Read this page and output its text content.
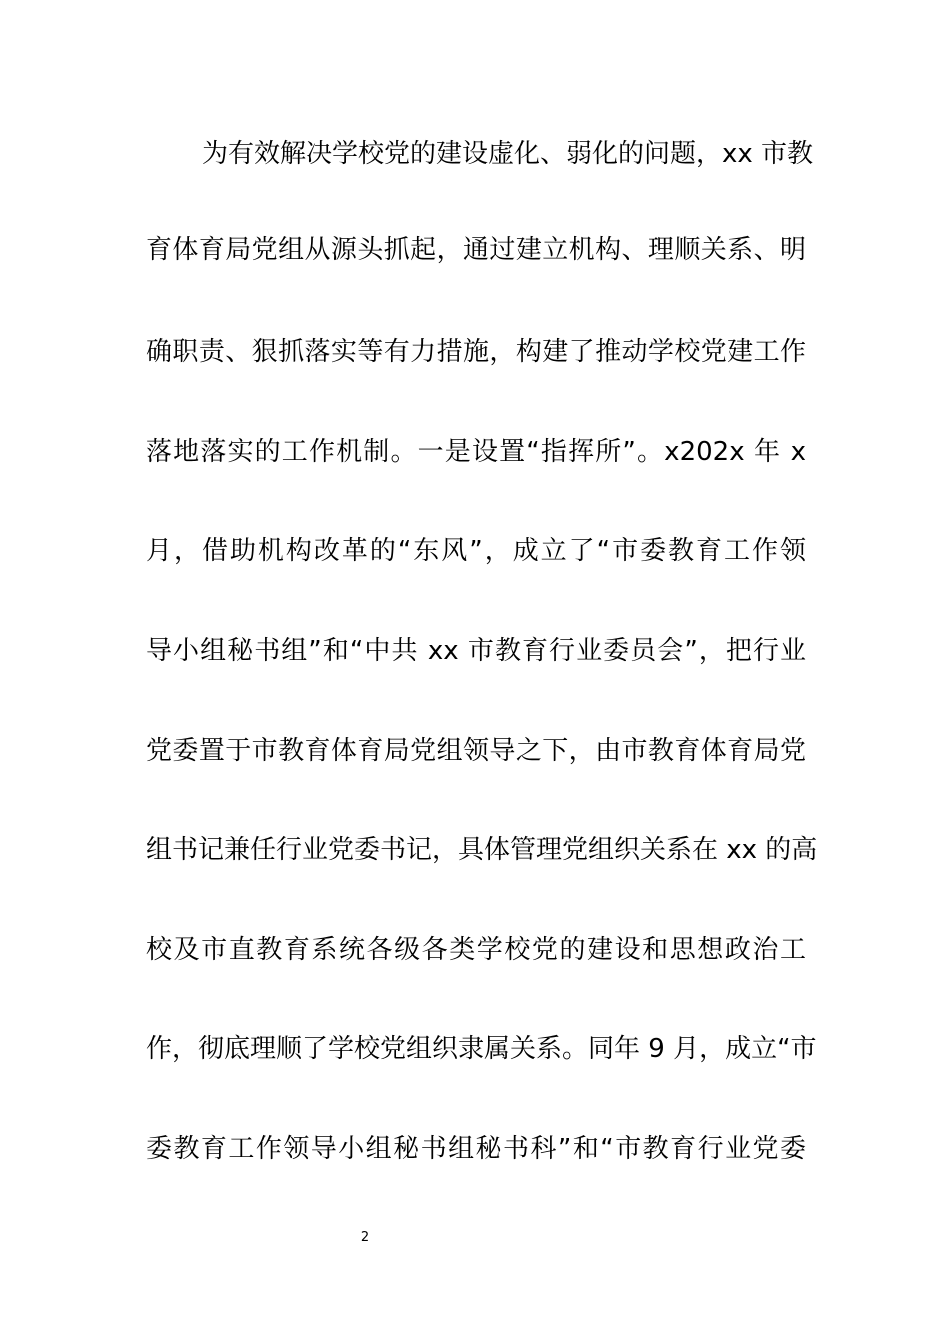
为有效解决学校党的建设虚化、弱化的问题，xx 市教
育体育局党组从源头抓起，通过建立机构、理顺关系、明
确职责、狠抓落实等有力措施，构建了推动学校党建工作
落地落实的工作机制。一是设置“指挥所”。x202x 年 x
月，借助机构改革的“东风”，成立了“市委教育工作领
导小组秘书组”和“中共 xx 市教育行业委员会”，把行业
党委置于市教育体育局党组领导之下，由市教育体育局党
组书记兼任行业党委书记，具体管理党组织关系在 xx 的高
校及市直教育系统各级各类学校党的建设和思想政治工
作，彻底理顺了学校党组织隶属关系。同年 9 月，成立“市
委教育工作领导小组秘书组秘书科”和“市教育行业党委
2
